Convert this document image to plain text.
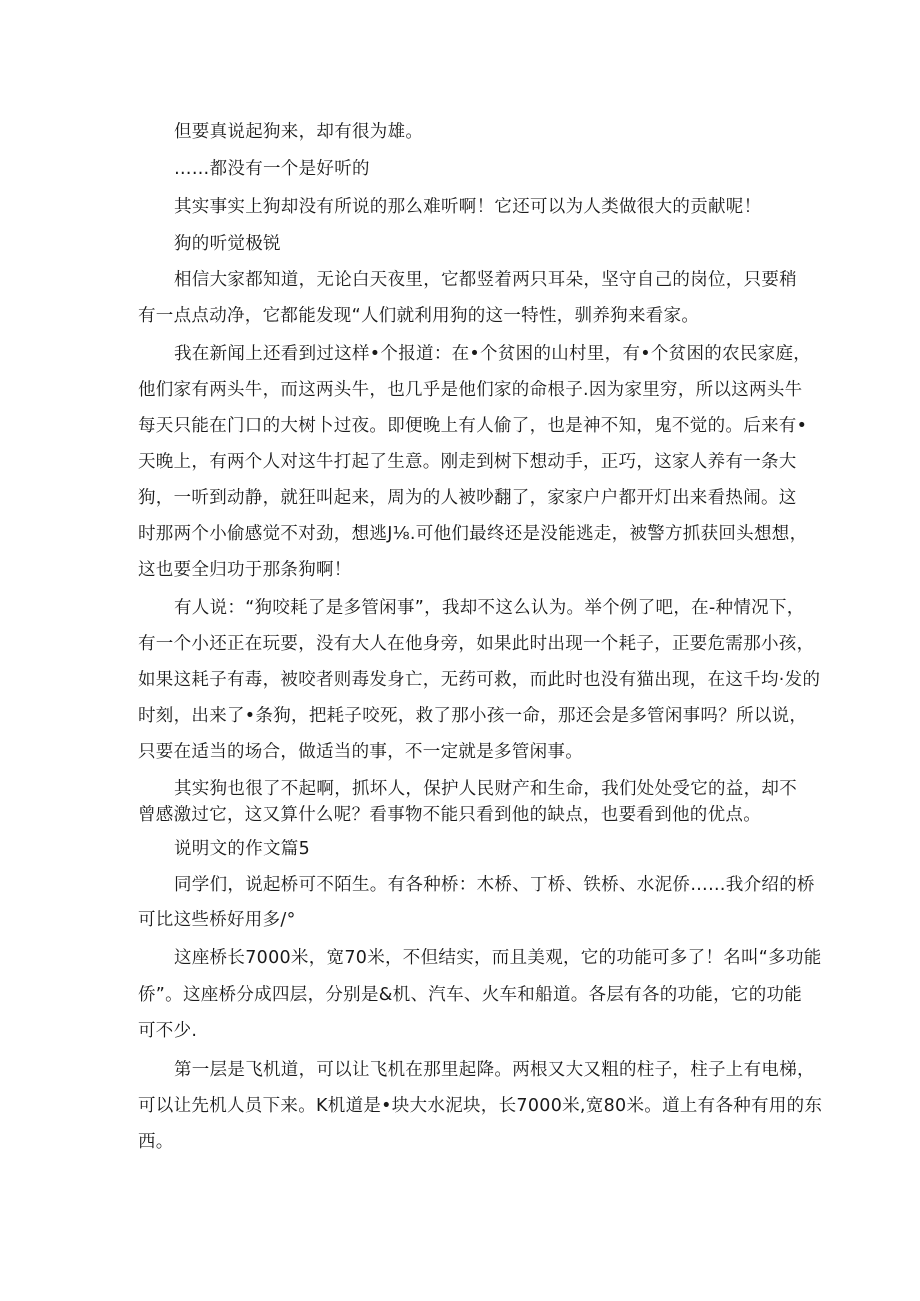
但要真说起狗来，却有很为雄。
……都没有一个是好听的
其实事实上狗却没有所说的那么难听啊！它还可以为人类做很大的贡献呢！
狗的听觉极锐
相信大家都知道，无论白天夜里，它都竖着两只耳朵，坚守自己的岗位，只要稍
有一点点动净，它都能发现“人们就利用狗的这一特性，驯养狗来看家。
我在新闻上还看到过这样•个报道：在•个贫困的山村里，有•个贫困的农民家庭，
他们家有两头牛，而这两头牛，也几乎是他们家的命根子.因为家里穷，所以这两头牛
每天只能在门口的大树卜过夜。即便晚上有人偷了，也是神不知，鬼不觉的。后来有•
天晚上，有两个人对这牛打起了生意。刚走到树下想动手，正巧，这家人养有一条大
狗，一听到动静，就狂叫起来，周为的人被吵翻了，家家户户都开灯出来看热闹。这
时那两个小偷感觉不对劲，想逃J⅛.可他们最终还是没能逃走，被警方抓获回头想想，
这也要全归功于那条狗啊！
有人说：“狗咬耗了是多管闲事”，我却不这么认为。举个例了吧，在-种情况下，
有一个小还正在玩要，没有大人在他身旁，如果此时出现一个耗子，正要危需那小孩，
如果这耗子有毒，被咬者则毒发身亡，无药可救，而此时也没有猫出现，在这千均·发的
时刻，出来了•条狗，把耗子咬死，救了那小孩一命，那还会是多管闲事吗？所以说，
只要在适当的场合，做适当的事，不一定就是多管闲事。
其实狗也很了不起啊，抓坏人，保护人民财产和生命，我们处处受它的益，却不
曾感激过它，这又算什么呢？看事物不能只看到他的缺点，也要看到他的优点。
说明文的作文篇5
同学们，说起桥可不陌生。有各种桥：木桥、丁桥、铁桥、水泥侨……我介绍的桥
可比这些桥好用多/°
这座桥长7000米，宽70米，不但结实，而且美观，它的功能可多了！名叫“多功能
侨”。这座桥分成四层，分别是&机、汽车、火车和船道。各层有各的功能，它的功能
可不少.
第一层是飞机道，可以让飞机在那里起降。两根又大又粗的柱子，柱子上有电梯，
可以让先机人员下来。K机道是•块大水泥块，长7000米,宽80米。道上有各种有用的东
西。
